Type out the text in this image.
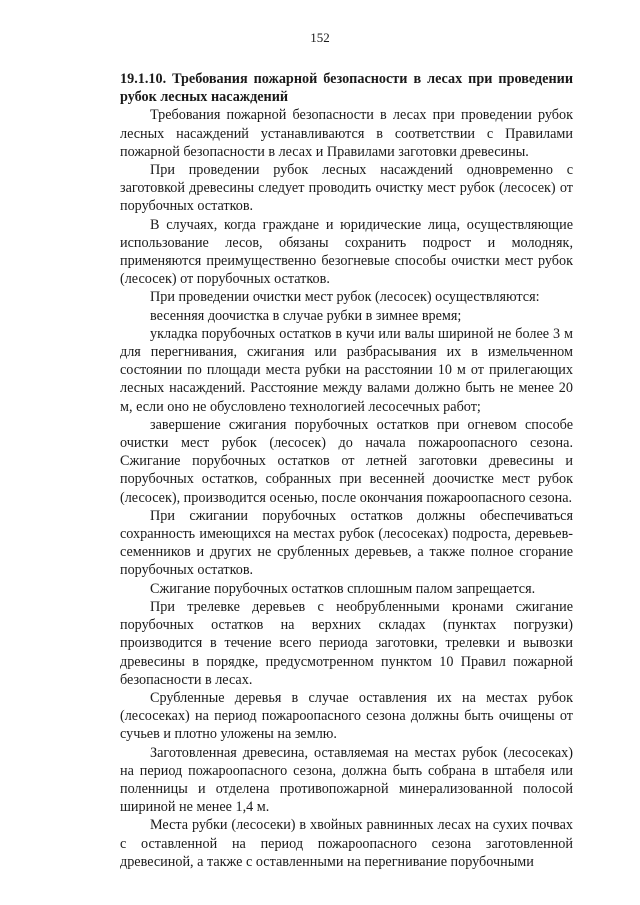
152

19.1.10. Требования пожарной безопасности в лесах при проведении рубок лесных насаждений

Требования пожарной безопасности в лесах при проведении рубок лесных насаждений устанавливаются в соответствии с Правилами пожарной безопасности в лесах и Правилами заготовки древесины.

При проведении рубок лесных насаждений одновременно с заготовкой древесины следует проводить очистку мест рубок (лесосек) от порубочных остатков.

В случаях, когда граждане и юридические лица, осуществляющие использование лесов, обязаны сохранить подрост и молодняк, применяются преимущественно безогневые способы очистки мест рубок (лесосек) от порубочных остатков.

При проведении очистки мест рубок (лесосек) осуществляются:

весенняя доочистка в случае рубки в зимнее время;

укладка порубочных остатков в кучи или валы шириной не более 3 м для перегнивания, сжигания или разбрасывания их в измельченном состоянии по площади места рубки на расстоянии 10 м от прилегающих лесных насаждений. Расстояние между валами должно быть не менее 20 м, если оно не обусловлено технологией лесосечных работ;

завершение сжигания порубочных остатков при огневом способе очистки мест рубок (лесосек) до начала пожароопасного сезона. Сжигание порубочных остатков от летней заготовки древесины и порубочных остатков, собранных при весенней доочистке мест рубок (лесосек), производится осенью, после окончания пожароопасного сезона.

При сжигании порубочных остатков должны обеспечиваться сохранность имеющихся на местах рубок (лесосеках) подроста, деревьев-семенников и других не срубленных деревьев, а также полное сгорание порубочных остатков.

Сжигание порубочных остатков сплошным палом запрещается.

При трелевке деревьев с необрубленными кронами сжигание порубочных остатков на верхних складах (пунктах погрузки) производится в течение всего периода заготовки, трелевки и вывозки древесины в порядке, предусмотренном пунктом 10 Правил пожарной безопасности в лесах.

Срубленные деревья в случае оставления их на местах рубок (лесосеках) на период пожароопасного сезона должны быть очищены от сучьев и плотно уложены на землю.

Заготовленная древесина, оставляемая на местах рубок (лесосеках) на период пожароопасного сезона, должна быть собрана в штабеля или поленницы и отделена противопожарной минерализованной полосой шириной не менее 1,4 м.

Места рубки (лесосеки) в хвойных равнинных лесах на сухих почвах с оставленной на период пожароопасного сезона заготовленной древесиной, а также с оставленными на перегнивание порубочными
